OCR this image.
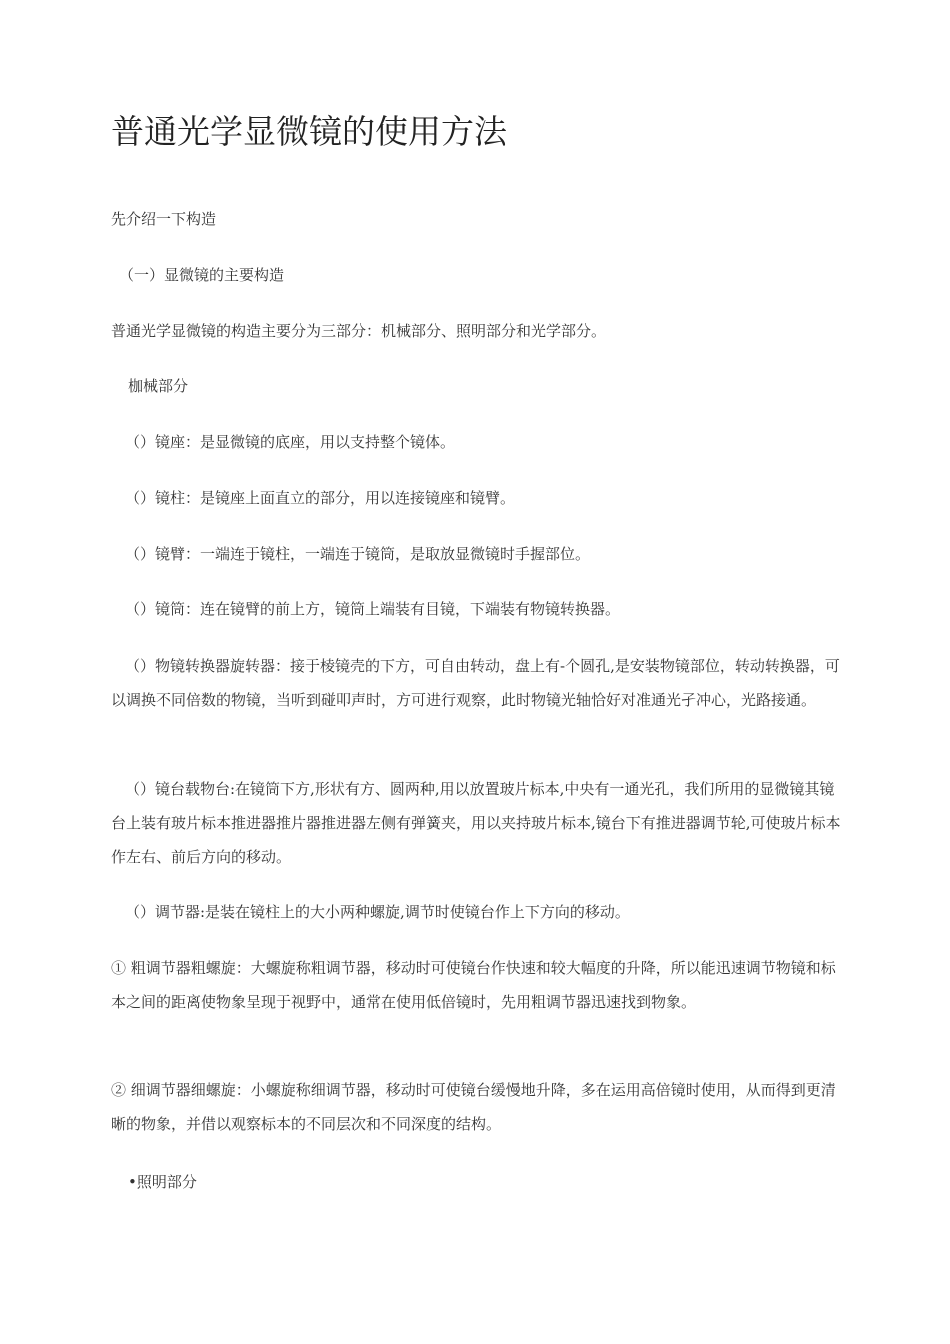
普通光学显微镜的使用方法

先介绍一下构造

（一）显微镜的主要构造

普通光学显微镜的构造主要分为三部分：机械部分、照明部分和光学部分。

枷械部分

（）镜座：是显微镜的底座，用以支持整个镜体。

（）镜柱：是镜座上面直立的部分，用以连接镜座和镜臂。

（）镜臂：一端连于镜柱，一端连于镜筒，是取放显微镜时手握部位。

（）镜筒：连在镜臂的前上方，镜筒上端装有目镜，下端装有物镜转换器。

（）物镜转换器旋转器：接于棱镜壳的下方，可自由转动，盘上有-个圆孔,是安装物镜部位，转动转换器，可以调换不同倍数的物镜，当听到碰叩声时，方可进行观察，此时物镜光轴恰好对准通光孑冲心，光路接通。

（）镜台载物台:在镜筒下方,形状有方、圆两种,用以放置玻片标本,中央有一通光孔，我们所用的显微镜其镜台上装有玻片标本推进器推片器推进器左侧有弹簧夹，用以夹持玻片标本,镜台下有推进器调节轮,可使玻片标本作左右、前后方向的移动。

（）调节器:是装在镜柱上的大小两种螺旋,调节时使镜台作上下方向的移动。

① 粗调节器粗螺旋：大螺旋称粗调节器，移动时可使镜台作快速和较大幅度的升降，所以能迅速调节物镜和标本之间的距离使物象呈现于视野中，通常在使用低倍镜时，先用粗调节器迅速找到物象。

② 细调节器细螺旋：小螺旋称细调节器，移动时可使镜台缓慢地升降，多在运用高倍镜时使用，从而得到更清晰的物象，并借以观察标本的不同层次和不同深度的结构。

•照明部分
